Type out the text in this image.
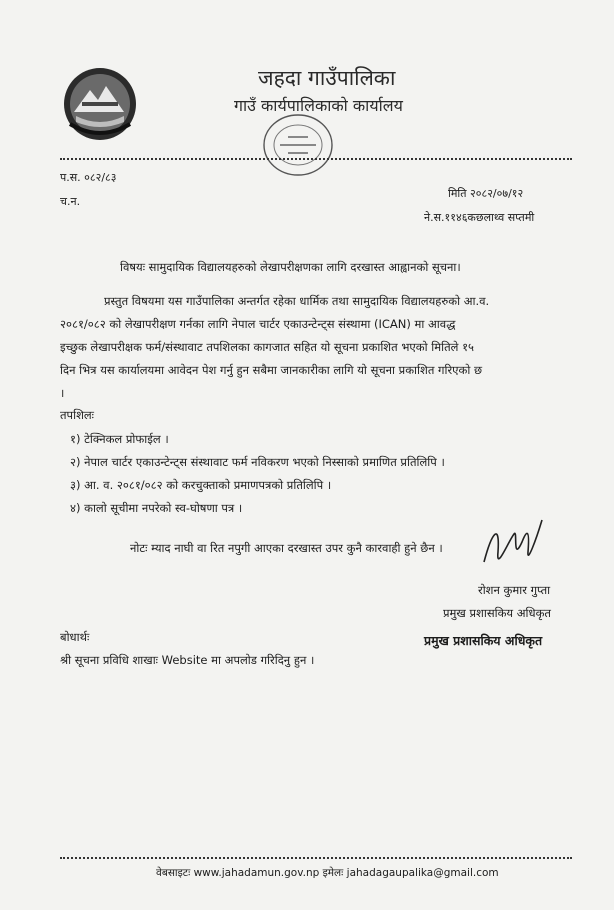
जहदा गाउँपालिका
गाउँ कार्यपालिकाको कार्यालय
प.स. ०८२/८३
च.न.
मिति २०८२/०७/१२
ने.स.११४६कछलाथ्व सप्तमी
विषयः सामुदायिक विद्यालयहरुको लेखापरीक्षणका लागि दरखास्त आह्वानको सूचना।
प्रस्तुत विषयमा यस गाउँपालिका अन्तर्गत रहेका धार्मिक तथा सामुदायिक विद्यालयहरुको आ.व.
२०८१/०८२ को लेखापरीक्षण गर्नका लागि नेपाल चार्टर एकाउन्टेन्ट्स संस्थामा (ICAN) मा आवद्ध
इच्छुक लेखापरीक्षक फर्म/संस्थावाट तपशिलका कागजात सहित यो सूचना प्रकाशित भएको मितिले १५
दिन भित्र यस कार्यालयमा आवेदन पेश गर्नु हुन सबैमा जानकारीका लागि यो सूचना प्रकाशित गरिएको छ
।
तपशिलः
१) टेक्निकल प्रोफाईल ।
२) नेपाल चार्टर एकाउन्टेन्ट्स संस्थावाट फर्म नविकरण भएको निस्साको प्रमाणित प्रतिलिपि ।
३) आ. व. २०८१/०८२ को करचुक्ताको प्रमाणपत्रको प्रतिलिपि ।
४) कालो सूचीमा नपरेको स्व-घोषणा पत्र ।
नोटः म्याद नाघी वा रित नपुगी आएका दरखास्त उपर कुनै कारवाही हुने छैन ।
रोशन कुमार गुप्ता
प्रमुख प्रशासकिय अधिकृत
बोधार्थः	प्रमुख प्रशासकिय अधिकृत
श्री सूचना प्रविधि शाखाः Website मा अपलोड गरिदिनु हुन ।
वेबसाइटः www.jahadamun.gov.np इमेलः jahadagaupalika@gmail.com
